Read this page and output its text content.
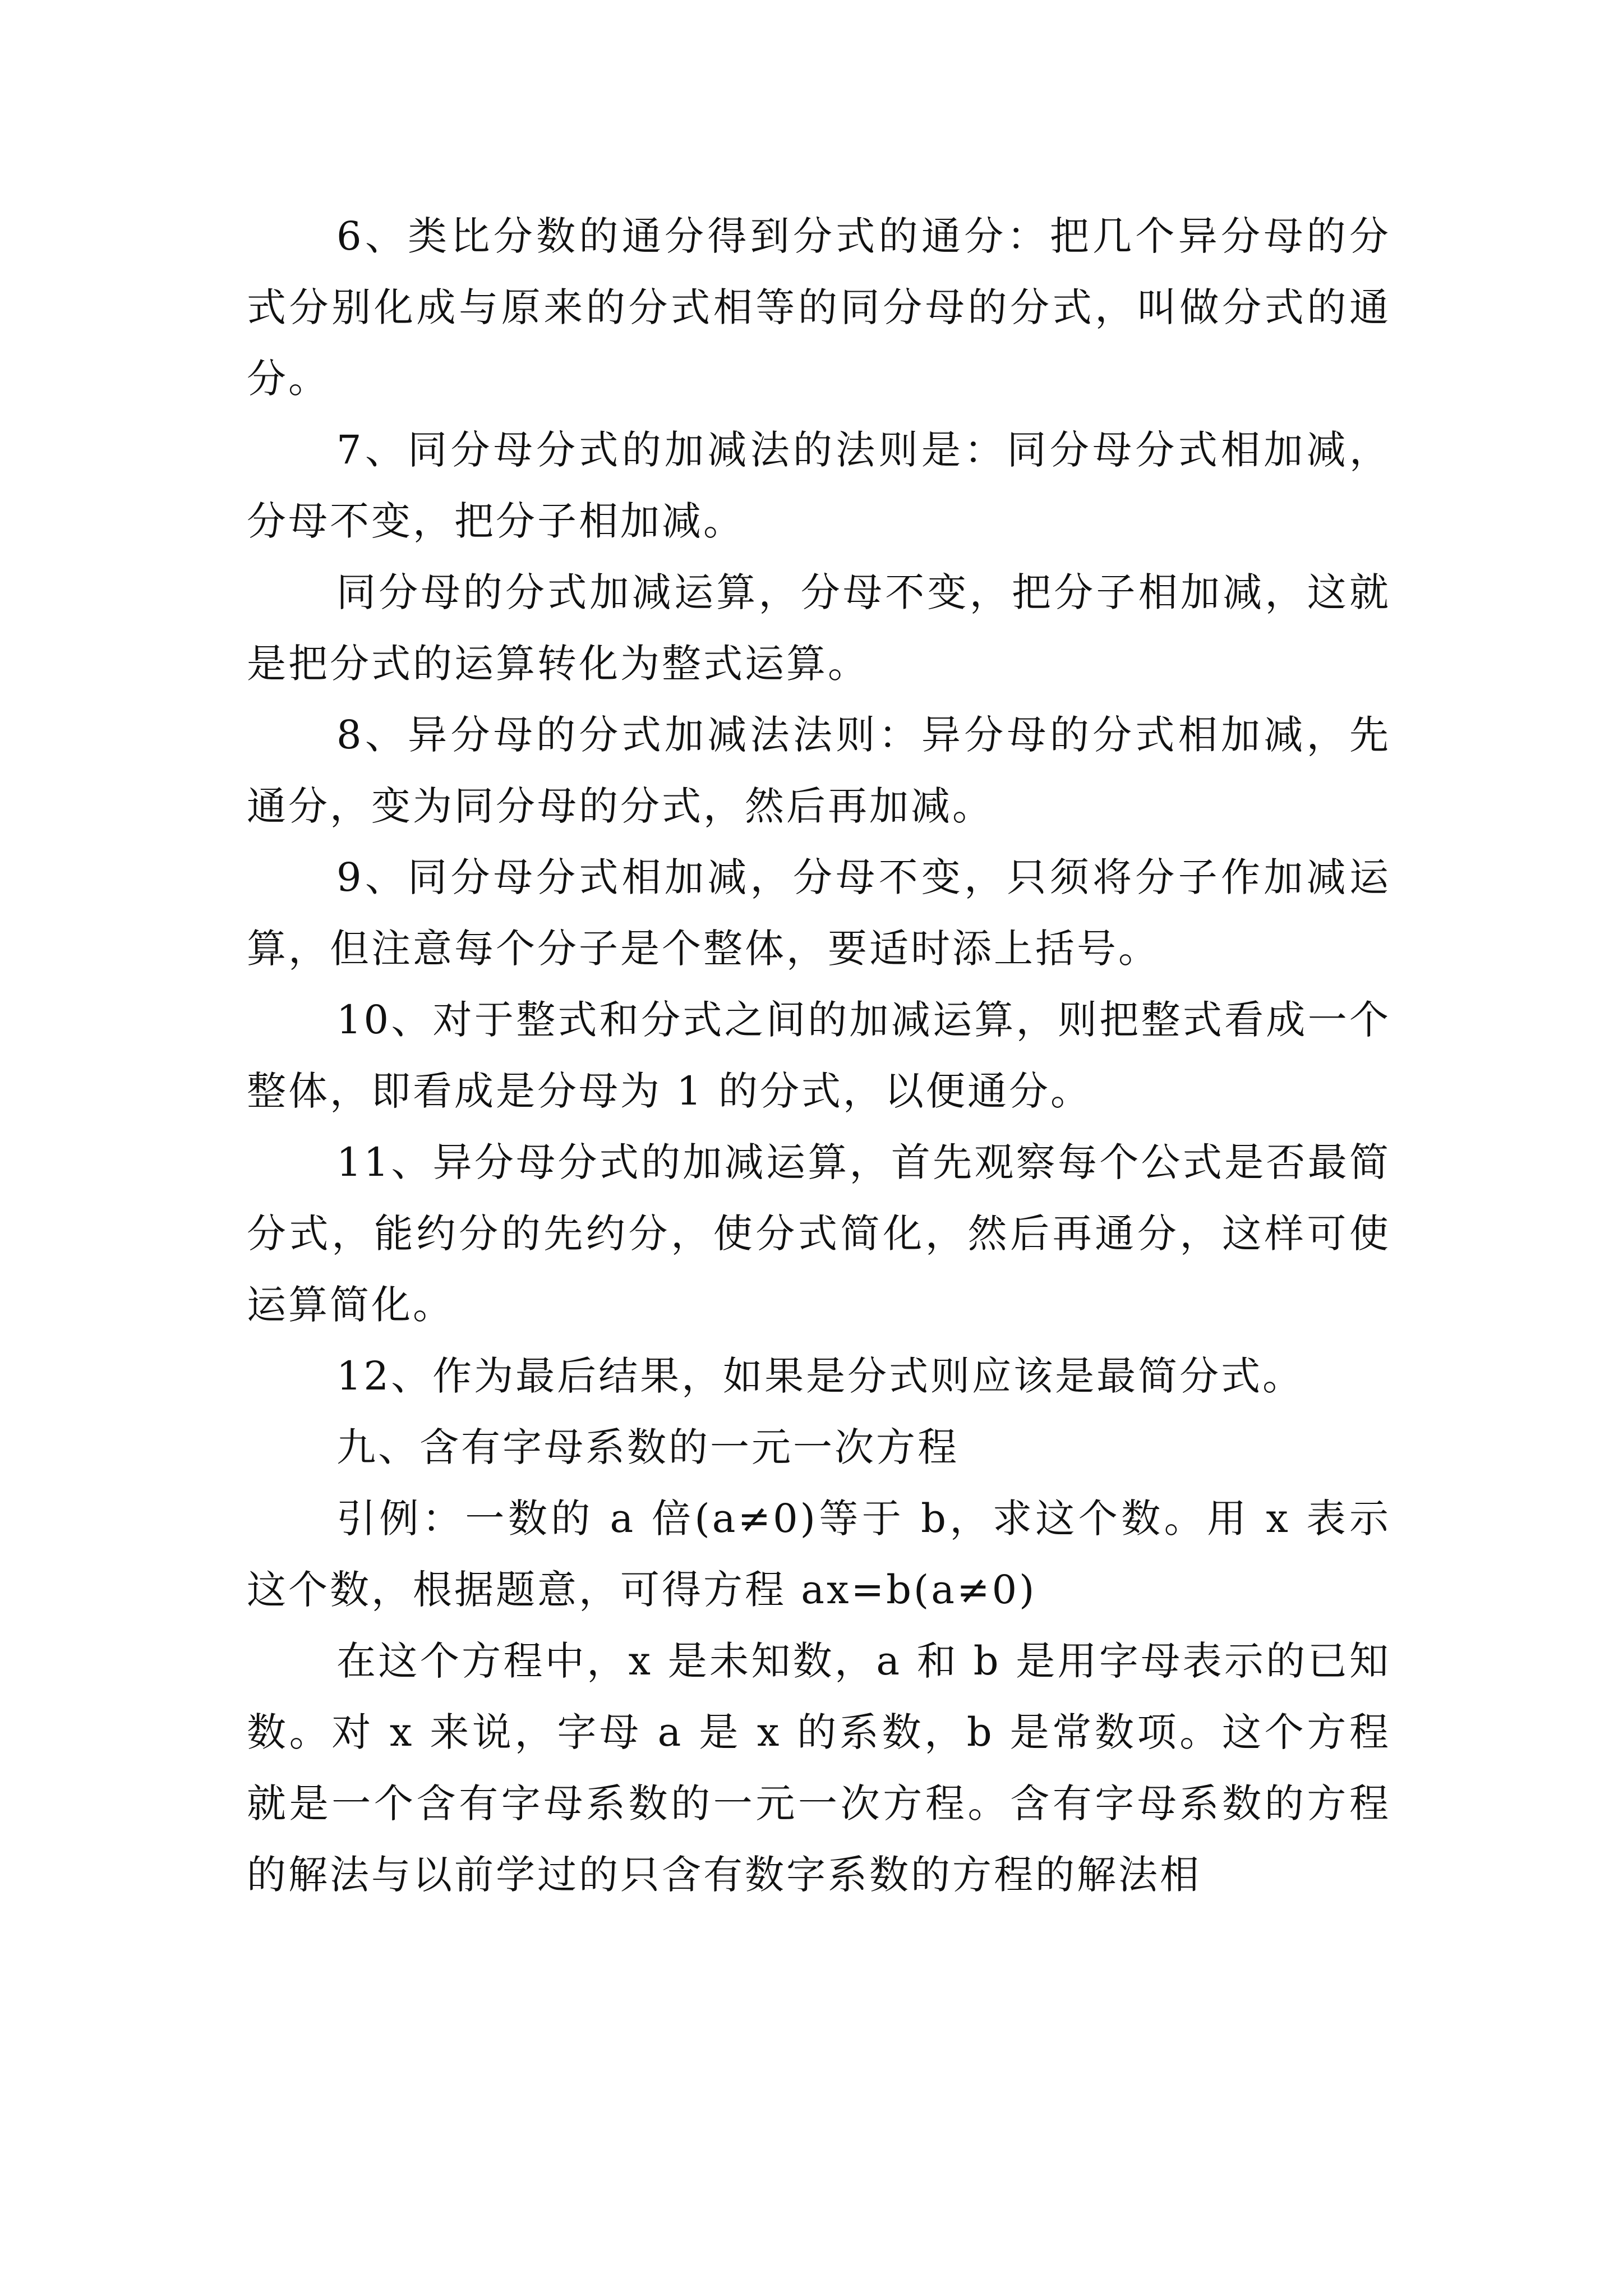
6、类比分数的通分得到分式的通分：把几个异分母的分式分别化成与原来的分式相等的同分母的分式，叫做分式的通分。

7、同分母分式的加减法的法则是：同分母分式相加减，分母不变，把分子相加减。

同分母的分式加减运算，分母不变，把分子相加减，这就是把分式的运算转化为整式运算。

8、异分母的分式加减法法则：异分母的分式相加减，先通分，变为同分母的分式，然后再加减。

9、同分母分式相加减，分母不变，只须将分子作加减运算，但注意每个分子是个整体，要适时添上括号。

10、对于整式和分式之间的加减运算，则把整式看成一个整体，即看成是分母为 1 的分式，以便通分。

11、异分母分式的加减运算，首先观察每个公式是否最简分式，能约分的先约分，使分式简化，然后再通分，这样可使运算简化。

12、作为最后结果，如果是分式则应该是最简分式。

九、含有字母系数的一元一次方程

引例：一数的 a 倍(a≠0)等于 b，求这个数。用 x 表示这个数，根据题意，可得方程 ax=b(a≠0)

在这个方程中，x 是未知数，a 和 b 是用字母表示的已知数。对 x 来说，字母 a 是 x 的系数，b 是常数项。这个方程就是一个含有字母系数的一元一次方程。含有字母系数的方程的解法与以前学过的只含有数字系数的方程的解法相
